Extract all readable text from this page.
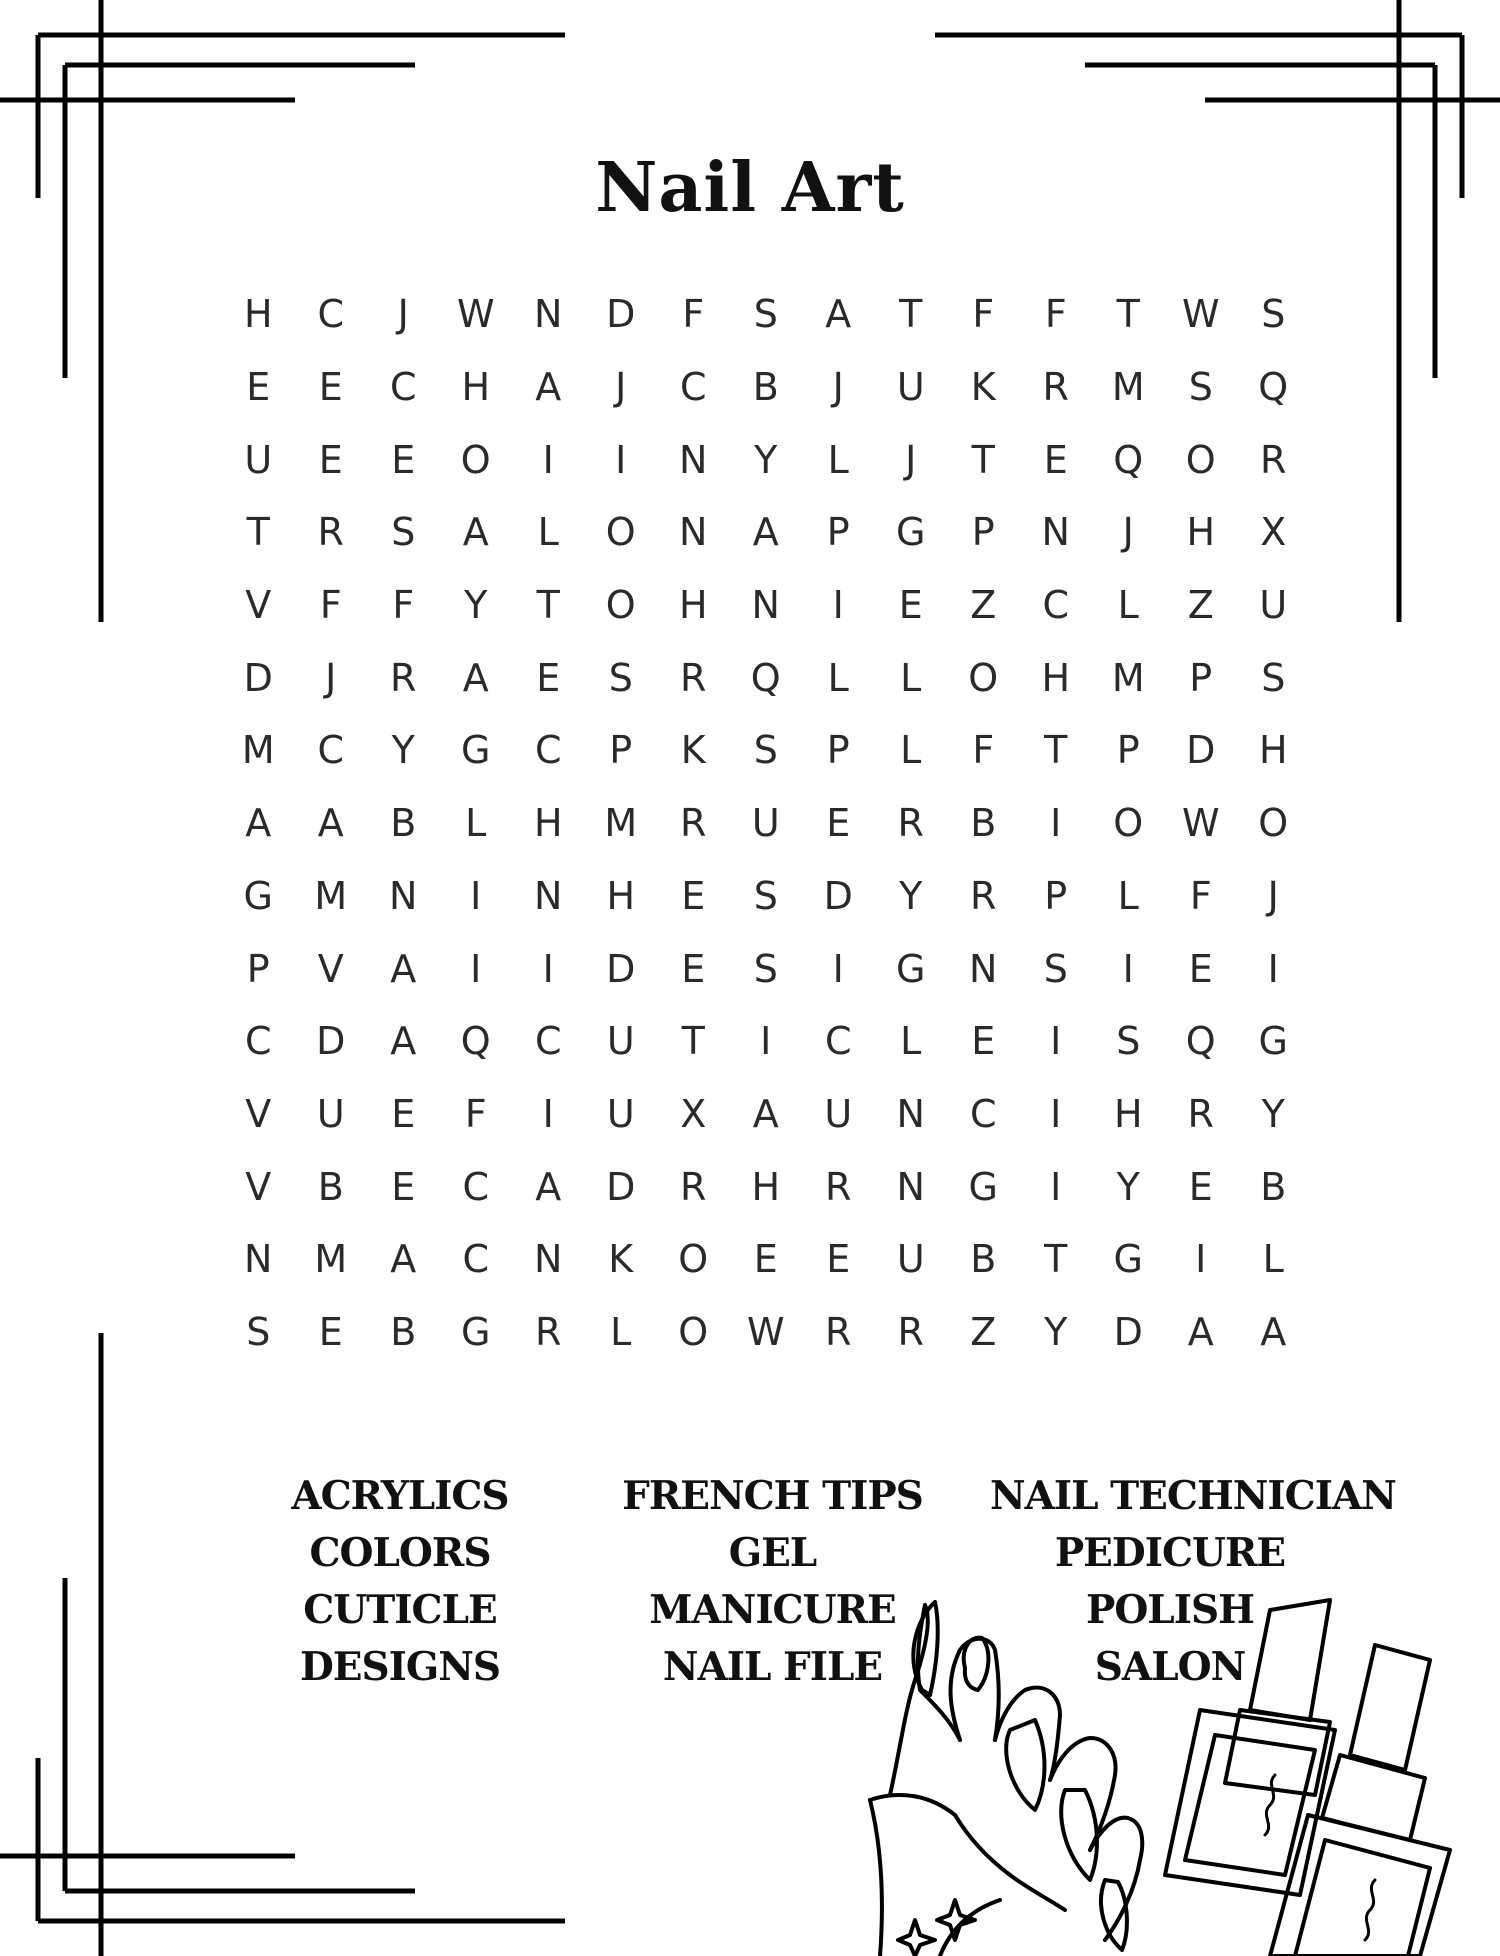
Nail Art
H	C	J	W	N	D	F	S	A	T	F	F	T	W	S
E	E	C	H	A	J	C	B	J	U	K	R	M	S	Q
U	E	E	O	I	I	N	Y	L	J	T	E	Q	O	R
T	R	S	A	L	O	N	A	P	G	P	N	J	H	X
V	F	F	Y	T	O	H	N	I	E	Z	C	L	Z	U
D	J	R	A	E	S	R	Q	L	L	O	H	M	P	S
M	C	Y	G	C	P	K	S	P	L	F	T	P	D	H
A	A	B	L	H	M	R	U	E	R	B	I	O	W	O
G	M	N	I	N	H	E	S	D	Y	R	P	L	F	J
P	V	A	I	I	D	E	S	I	G	N	S	I	E	I
C	D	A	Q	C	U	T	I	C	L	E	I	S	Q	G
V	U	E	F	I	U	X	A	U	N	C	I	H	R	Y
V	B	E	C	A	D	R	H	R	N	G	I	Y	E	B
N	M	A	C	N	K	O	E	E	U	B	T	G	I	L
S	E	B	G	R	L	O	W	R	R	Z	Y	D	A	A
ACRYLICS
COLORS
CUTICLE
DESIGNS
FRENCH TIPS
GEL
MANICURE
NAIL FILE
NAIL TECHNICIAN
PEDICURE
POLISH
SALON
